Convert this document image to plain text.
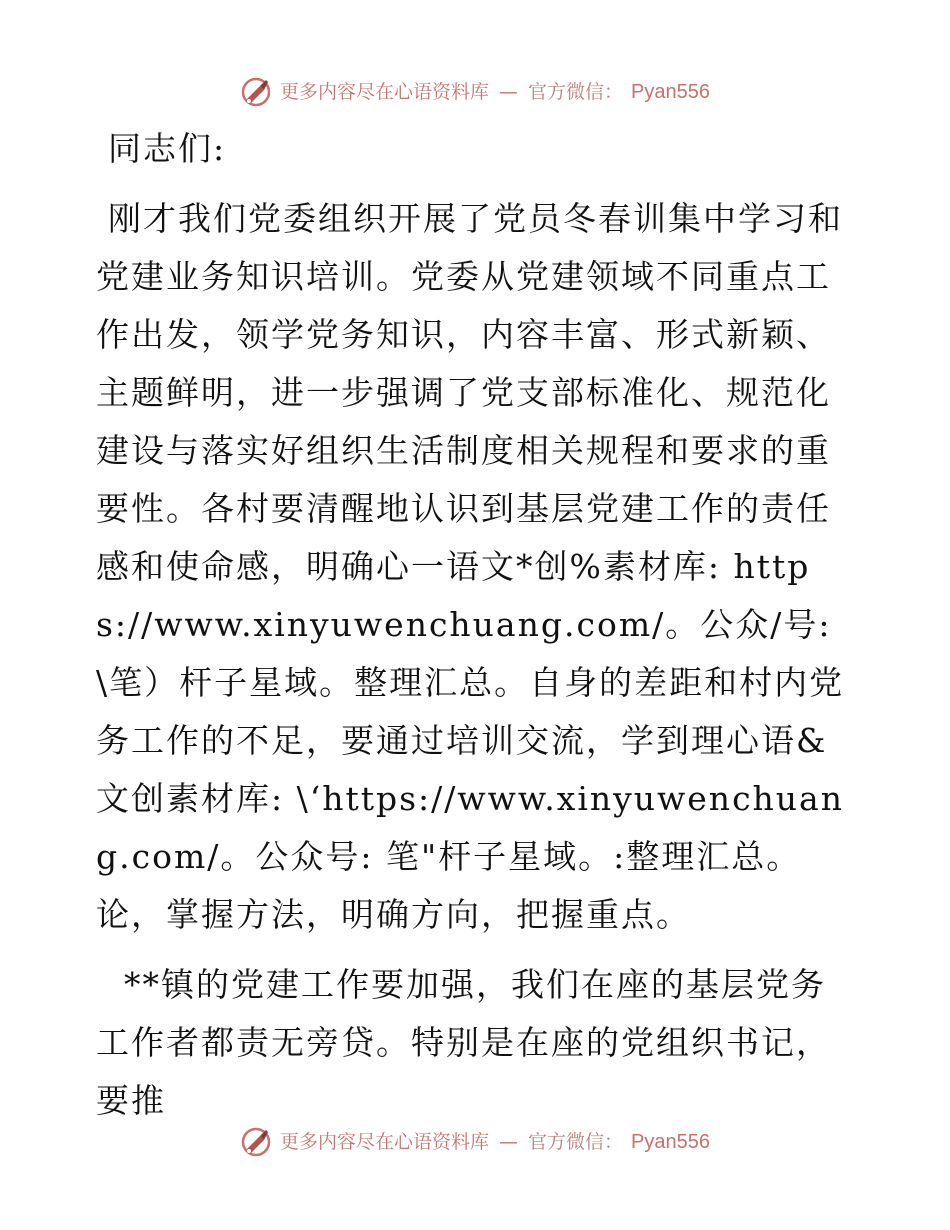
更多内容尽在心语资料库 — 官方微信： Pyan556

同志们:

刚才我们党委组织开展了党员冬春训集中学习和党建业务知识培训。党委从党建领域不同重点工作出发，领学党务知识，内容丰富、形式新颖、主题鲜明，进一步强调了党支部标准化、规范化建设与落实好组织生活制度相关规程和要求的重要性。各村要清醒地认识到基层党建工作的责任感和使命感，明确心一语文*创%素材库: https://www.xinyuwenchuang.com/。公众/号: \笔）杆子星域。整理汇总。自身的差距和村内党务工作的不足，要通过培训交流，学到理心语&文创素材库: \‘https://www.xinyuwenchuang.com/。公众号: 笔"杆子星域。:整理汇总。论，掌握方法，明确方向，把握重点。

**镇的党建工作要加强，我们在座的基层党务工作者都责无旁贷。特别是在座的党组织书记，要推

更多内容尽在心语资料库 — 官方微信： Pyan556
